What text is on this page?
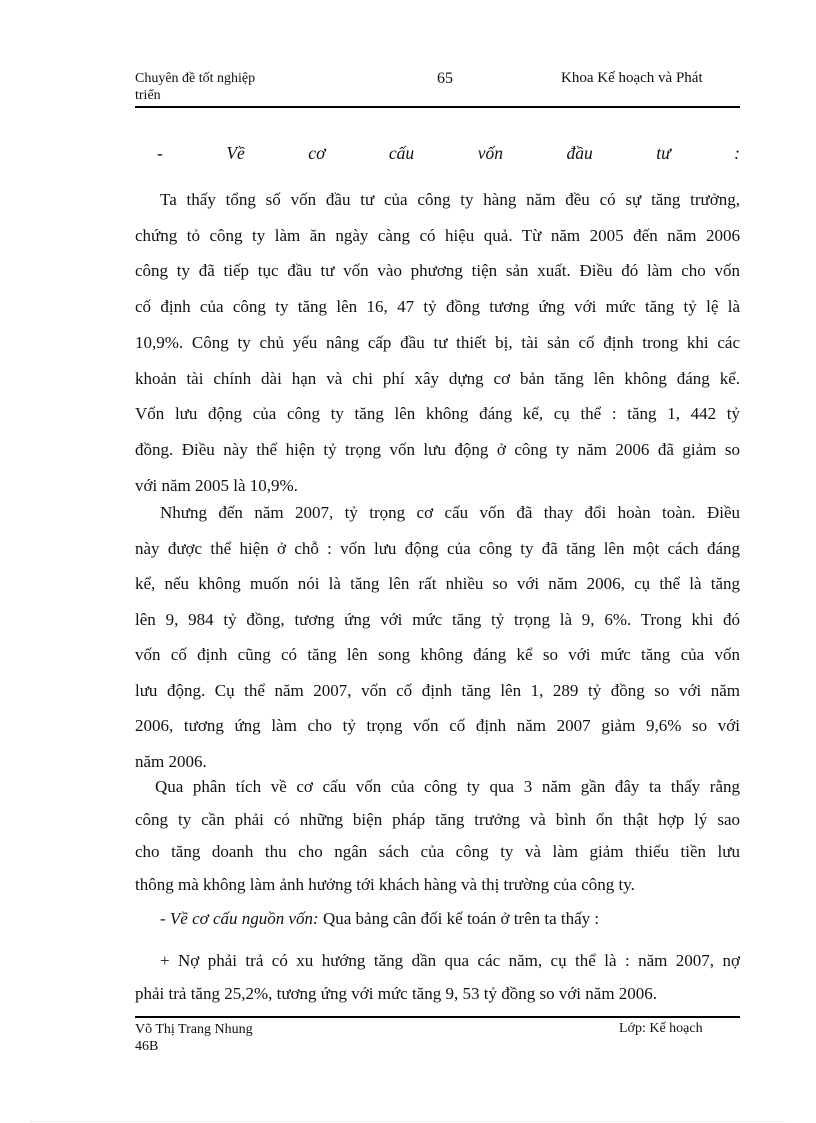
Chuyên đề tốt nghiệp
triển
65	Khoa Kế hoạch và Phát
-	Về	cơ	cấu	vốn	đầu	tư	:
Ta thấy tổng số vốn đầu tư của công ty hàng năm đều có sự tăng trưởng,
chứng tỏ công ty làm ăn ngày càng có hiệu quả. Từ năm 2005 đến năm 2006
công ty đã tiếp tục đầu tư vốn vào phương tiện sản xuất. Điều đó làm cho vốn
cố định của công ty tăng lên 16, 47 tỷ đồng tương ứng với mức tăng tỷ lệ là
10,9%. Công ty chủ yếu nâng cấp đầu tư thiết bị, tài sản cố định trong khi các
khoản tài chính dài hạn và chi phí xây dựng cơ bản tăng lên không đáng kể.
Vốn lưu động của công ty tăng lên không đáng kể, cụ thể : tăng 1, 442 tỷ
đồng. Điều này thể hiện tỷ trọng vốn lưu động ở công ty năm 2006 đã giảm so
với năm 2005 là 10,9%.
Nhưng đến năm 2007, tỷ trọng cơ cấu vốn đã thay đổi hoàn toàn. Điều
này được thể hiện ở chỗ : vốn lưu động của công ty đã tăng lên một cách đáng
kể, nếu không muốn nói là tăng lên rất nhiều so với năm 2006, cụ thể là tăng
lên 9, 984 tỷ đồng, tương ứng với mức tăng tỷ trọng là 9, 6%. Trong khi đó
vốn cố định cũng có tăng lên song không đáng kể so với mức tăng của vốn
lưu động. Cụ thể năm 2007, vốn cố định tăng lên 1, 289 tỷ đồng so với năm
2006, tương ứng làm cho tỷ trọng vốn cố định năm 2007 giảm 9,6% so với
năm 2006.
Qua phân tích về cơ cấu vốn của công ty qua 3 năm gần đây ta thấy rằng
công ty cần phải có những biện pháp tăng trưởng và bình ổn thật hợp lý sao
cho tăng doanh thu cho ngân sách của công ty và làm giảm thiểu tiền lưu
thông mà không làm ảnh hưởng tới khách hàng và thị trường của công ty.
- Về cơ cấu nguồn vốn: Qua bảng cân đối kế toán ở trên ta thấy :
+ Nợ phải trả có xu hướng tăng dần qua các năm, cụ thể là : năm 2007, nợ
phải trả tăng 25,2%, tương ứng với mức tăng 9, 53 tỷ đồng so với năm 2006.
Võ Thị Trang Nhung
46B
Lớp: Kế hoạch
